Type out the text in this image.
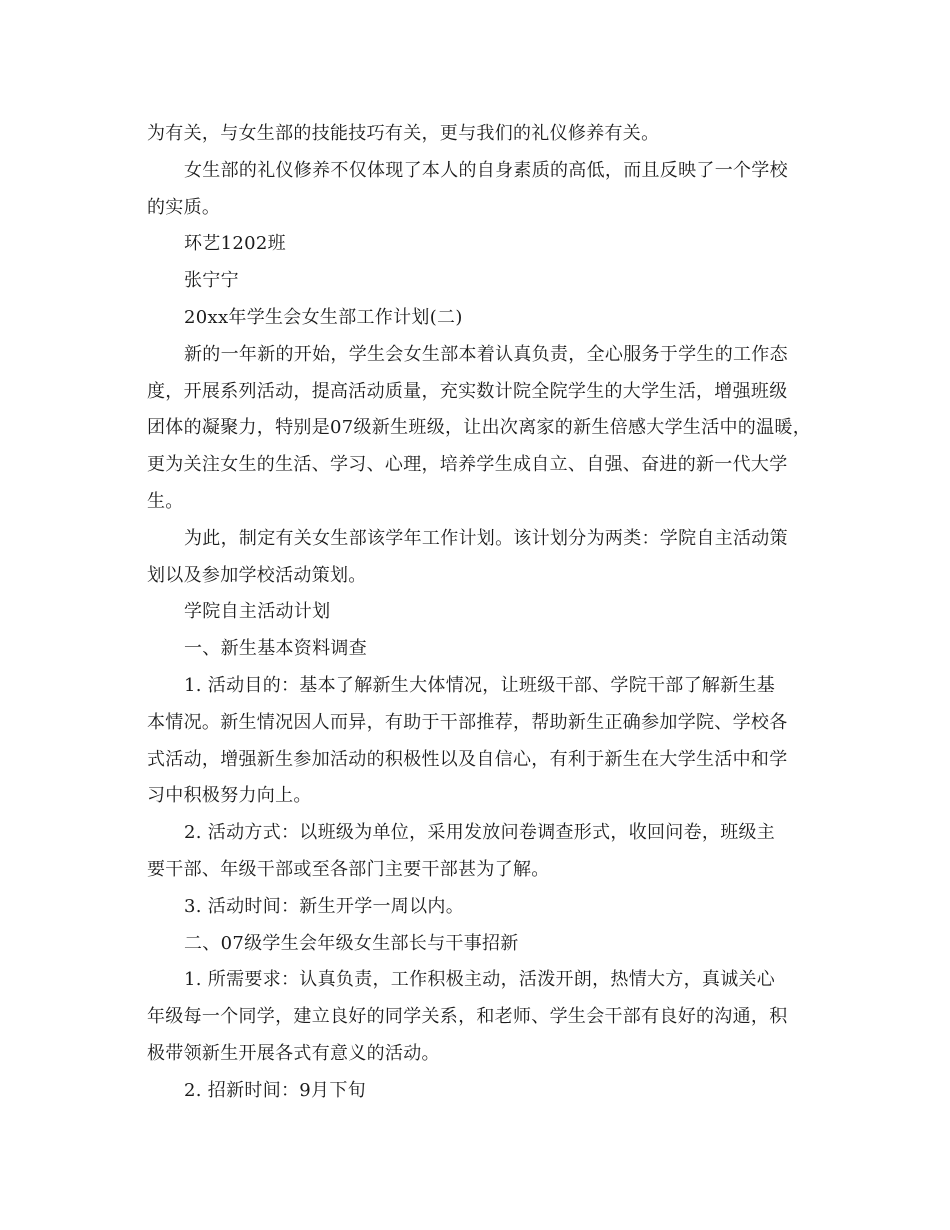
为有关，与女生部的技能技巧有关，更与我们的礼仪修养有关。
女生部的礼仪修养不仅体现了本人的自身素质的高低，而且反映了一个学校
的实质。
环艺1202班
张宁宁
20xx年学生会女生部工作计划(二)
新的一年新的开始，学生会女生部本着认真负责，全心服务于学生的工作态
度，开展系列活动，提高活动质量，充实数计院全院学生的大学生活，增强班级
团体的凝聚力，特别是07级新生班级，让出次离家的新生倍感大学生活中的温暖，
更为关注女生的生活、学习、心理，培养学生成自立、自强、奋进的新一代大学
生。
为此，制定有关女生部该学年工作计划。该计划分为两类：学院自主活动策
划以及参加学校活动策划。
学院自主活动计划
一、新生基本资料调查
1. 活动目的：基本了解新生大体情况，让班级干部、学院干部了解新生基
本情况。新生情况因人而异，有助于干部推荐，帮助新生正确参加学院、学校各
式活动，增强新生参加活动的积极性以及自信心，有利于新生在大学生活中和学
习中积极努力向上。
2. 活动方式：以班级为单位，采用发放问卷调查形式，收回问卷，班级主
要干部、年级干部或至各部门主要干部甚为了解。
3. 活动时间：新生开学一周以内。
二、07级学生会年级女生部长与干事招新
1. 所需要求：认真负责，工作积极主动，活泼开朗，热情大方，真诚关心
年级每一个同学，建立良好的同学关系，和老师、学生会干部有良好的沟通，积
极带领新生开展各式有意义的活动。
2. 招新时间：9月下旬
